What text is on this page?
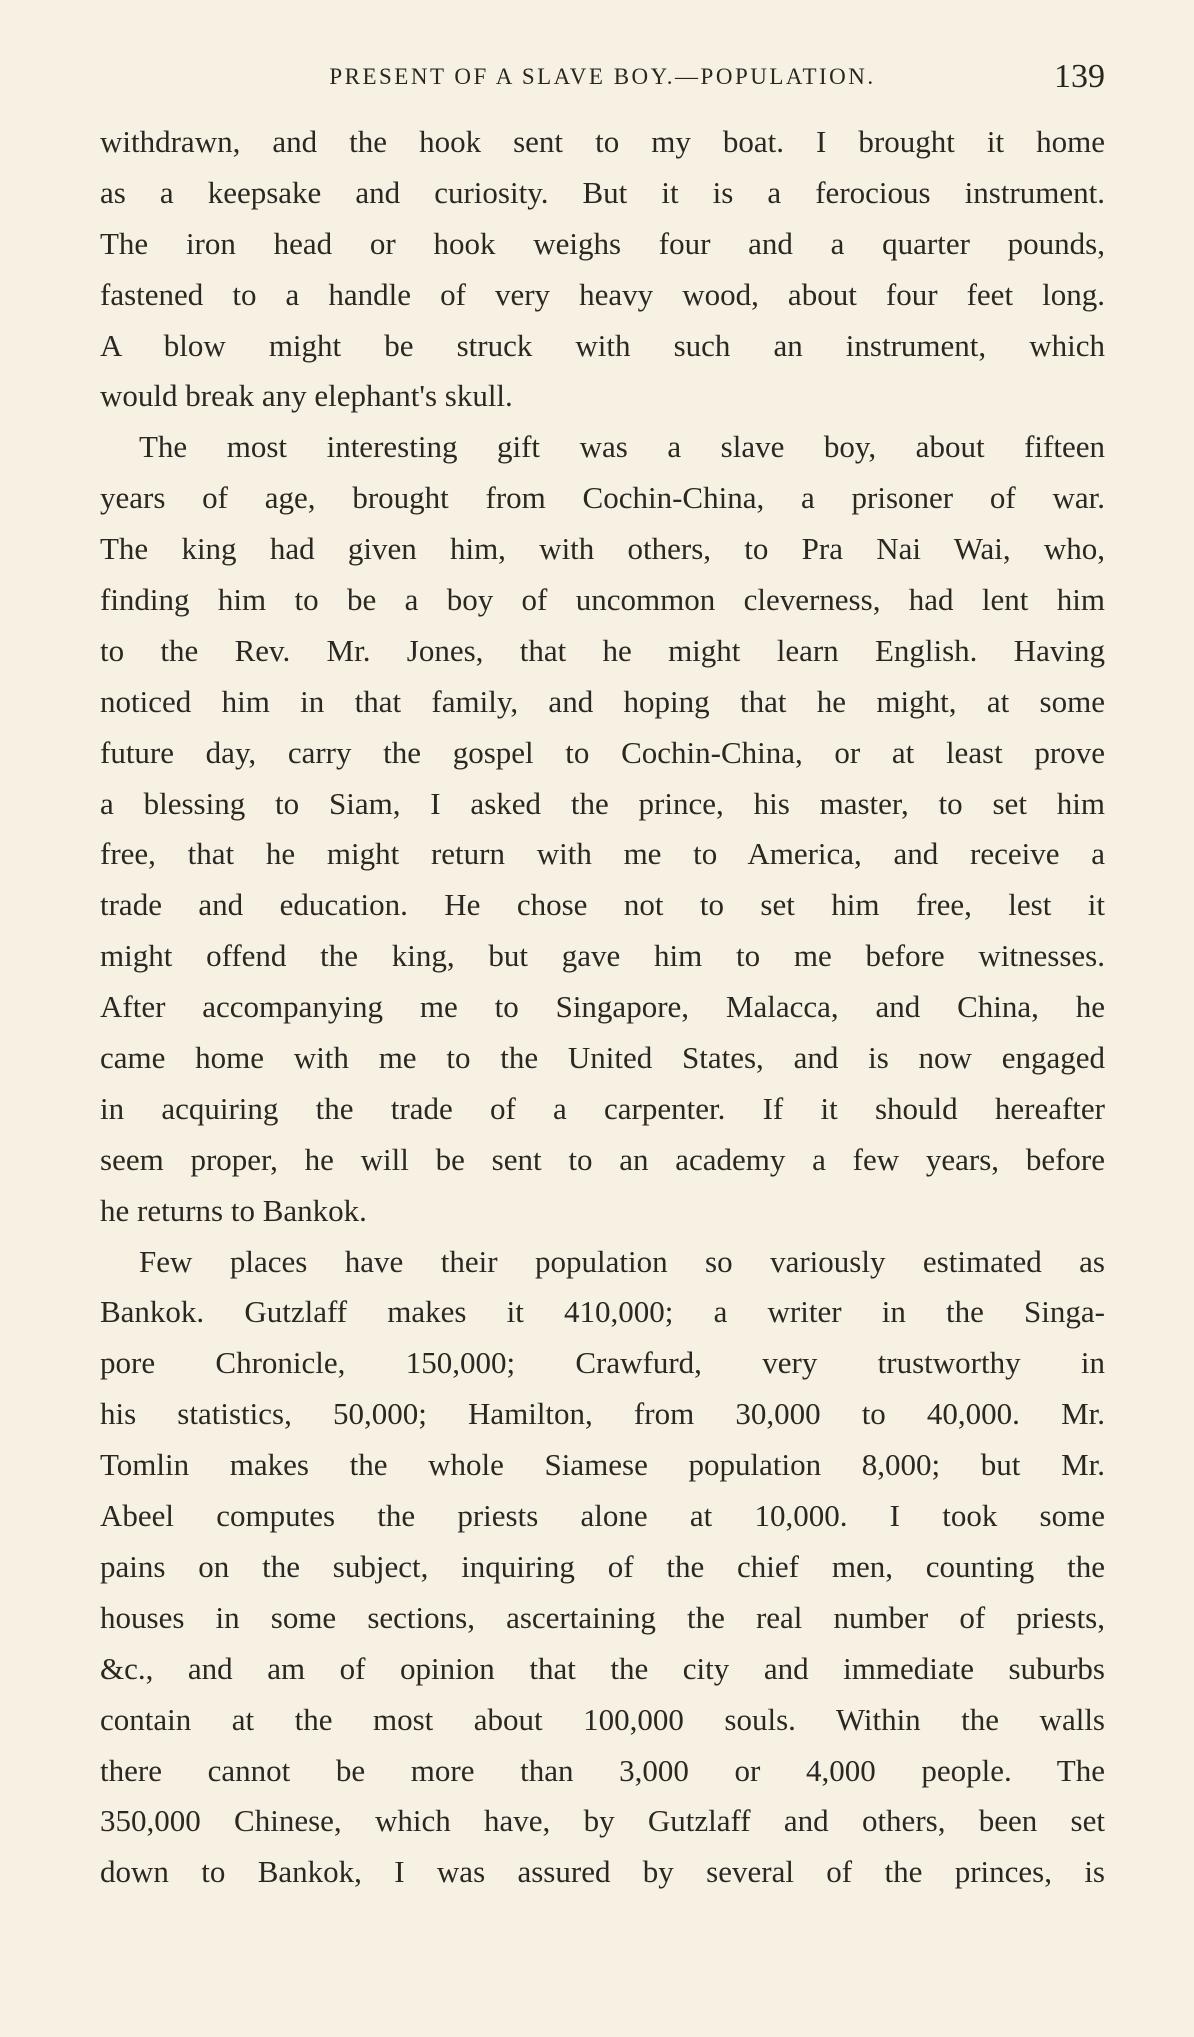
PRESENT OF A SLAVE BOY.—POPULATION.	139
withdrawn, and the hook sent to my boat. I brought it home
as a keepsake and curiosity. But it is a ferocious instrument.
The iron head or hook weighs four and a quarter pounds,
fastened to a handle of very heavy wood, about four feet long.
A blow might be struck with such an instrument, which
would break any elephant's skull.
The most interesting gift was a slave boy, about fifteen
years of age, brought from Cochin-China, a prisoner of war.
The king had given him, with others, to Pra Nai Wai, who,
finding him to be a boy of uncommon cleverness, had lent him
to the Rev. Mr. Jones, that he might learn English. Having
noticed him in that family, and hoping that he might, at some
future day, carry the gospel to Cochin-China, or at least prove
a blessing to Siam, I asked the prince, his master, to set him
free, that he might return with me to America, and receive a
trade and education. He chose not to set him free, lest it
might offend the king, but gave him to me before witnesses.
After accompanying me to Singapore, Malacca, and China, he
came home with me to the United States, and is now engaged
in acquiring the trade of a carpenter. If it should hereafter
seem proper, he will be sent to an academy a few years, before
he returns to Bankok.
Few places have their population so variously estimated as
Bankok. Gutzlaff makes it 410,000; a writer in the Singa-
pore Chronicle, 150,000; Crawfurd, very trustworthy in
his statistics, 50,000; Hamilton, from 30,000 to 40,000. Mr.
Tomlin makes the whole Siamese population 8,000; but Mr.
Abeel computes the priests alone at 10,000. I took some
pains on the subject, inquiring of the chief men, counting the
houses in some sections, ascertaining the real number of priests,
&c., and am of opinion that the city and immediate suburbs
contain at the most about 100,000 souls. Within the walls
there cannot be more than 3,000 or 4,000 people. The
350,000 Chinese, which have, by Gutzlaff and others, been set
down to Bankok, I was assured by several of the princes, is
